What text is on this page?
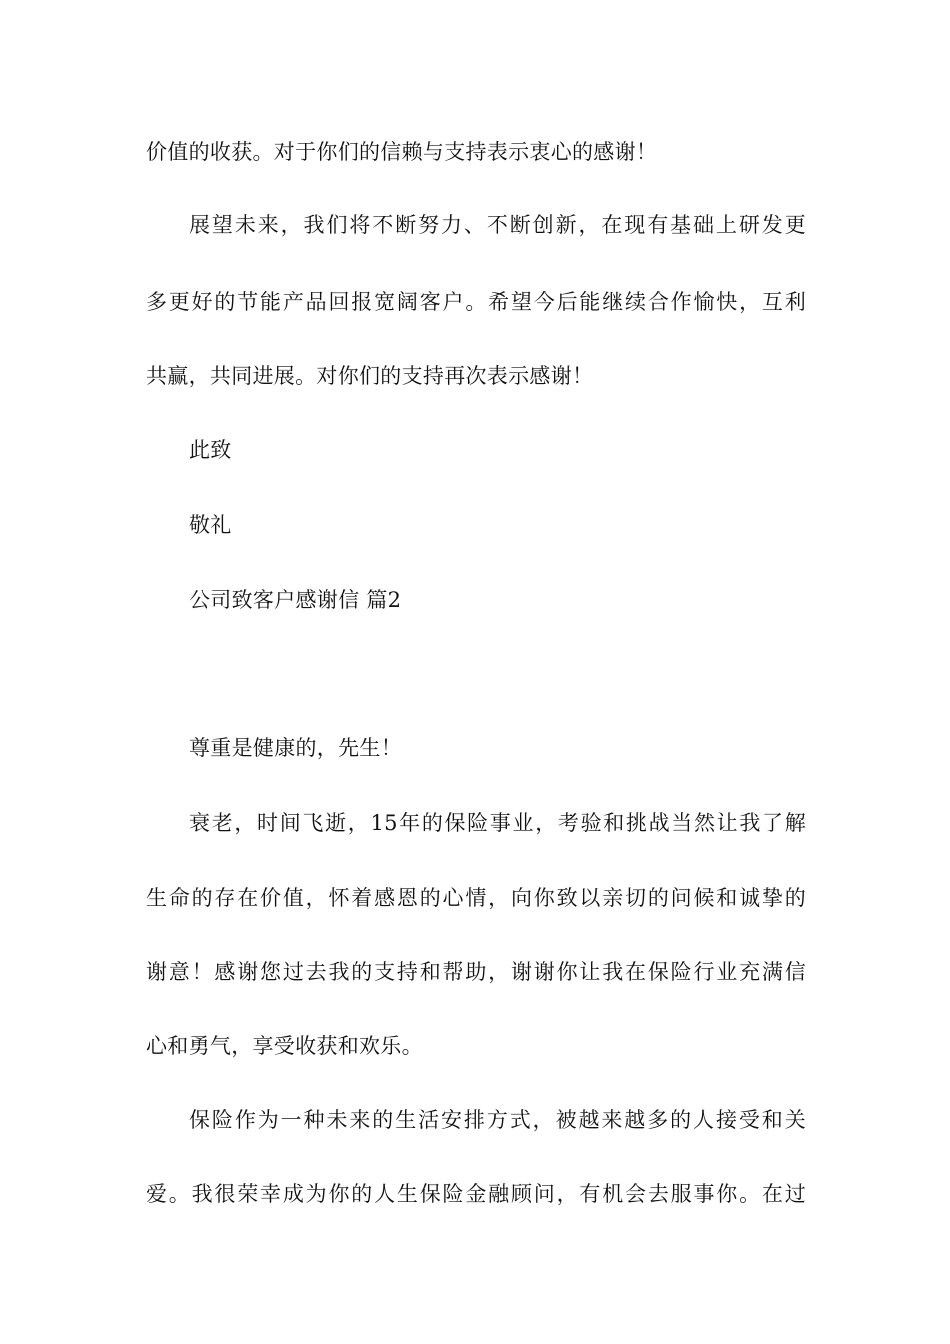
价值的收获。对于你们的信赖与支持表示衷心的感谢！
展望未来，我们将不断努力、不断创新，在现有基础上研发更
多更好的节能产品回报宽阔客户。希望今后能继续合作愉快，互利
共赢，共同进展。对你们的支持再次表示感谢！
此致
敬礼
公司致客户感谢信 篇2
尊重是健康的，先生！
衰老，时间飞逝，15年的保险事业，考验和挑战当然让我了解
生命的存在价值，怀着感恩的心情，向你致以亲切的问候和诚挚的
谢意！感谢您过去我的支持和帮助，谢谢你让我在保险行业充满信
心和勇气，享受收获和欢乐。
保险作为一种未来的生活安排方式，被越来越多的人接受和关
爱。我很荣幸成为你的人生保险金融顾问，有机会去服事你。在过
